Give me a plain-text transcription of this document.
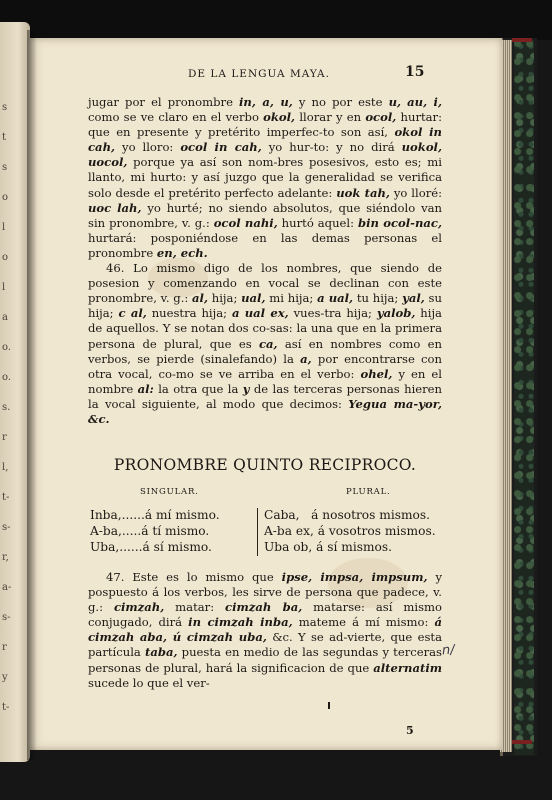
s
t
s
o
l
o
l
a
o.
o.
s.
r
l,
t-
s-
r,
a-
s-
r
y
t-
DE LA LENGUA MAYA.	15

jugar por el pronombre in, a, u, y no por este u, au, i, como se ve claro en el verbo okol, llorar y en ocol, hurtar: que en presente y pretérito imperfec-to son así, okol in cah, yo lloro: ocol in cah, yo hur-to: y no dirá uokol, uocol, porque ya así son nom-bres posesivos, esto es; mi llanto, mi hurto: y así juzgo que la generalidad se verifica solo desde el pretérito perfecto adelante: uok tah, yo lloré: uoc lah, yo hurté; no siendo absolutos, que siéndolo van sin pronombre, v. g.: ocol nahi, hurtó aquel: bin ocol-nac, hurtará: posponiéndose en las demas personas el pronombre en, ech.

46. Lo mismo digo de los nombres, que siendo de posesion y comenzando en vocal se declinan con este pronombre, v. g.: al, hija; ual, mi hija; a ual, tu hija; yal, su hija; c al, nuestra hija; a ual ex, vues-tra hija; yalob, hija de aquellos. Y se notan dos co-sas: la una que en la primera persona de plural, que es ca, así en nombres como en verbos, se pierde (sinalefando) la a, por encontrarse con otra vocal, co-mo se ve arriba en el verbo: ohel, y en el nombre al: la otra que la y de las terceras personas hieren la vocal siguiente, al modo que decimos: Yegua ma-yor, &c.

PRONOMBRE QUINTO RECIPROCO.
SINGULAR.	PLURAL.
Inba,......á mí mismo.
A-ba,.....á tí mismo.
Uba,......á sí mismo.
Caba,   á nosotros mismos.
A-ba ex, á vosotros mismos.
Uba ob, á sí mismos.

47. Este es lo mismo que ipse, impsa, impsum, y pospuesto á los verbos, les sirve de persona que padece, v. g.: cimzah, matar: cimzah ba, matarse: así mismo conjugado, dirá in cimzah inba, mateme á mí mismo: á cimzah aba, ú cimzah uba, &c. Y se ad-vierte, que esta partícula taba, puesta en medio de las segundas y terceras personas de plural, hará la significacion de que alternatim sucede lo que el ver-

5
n/
